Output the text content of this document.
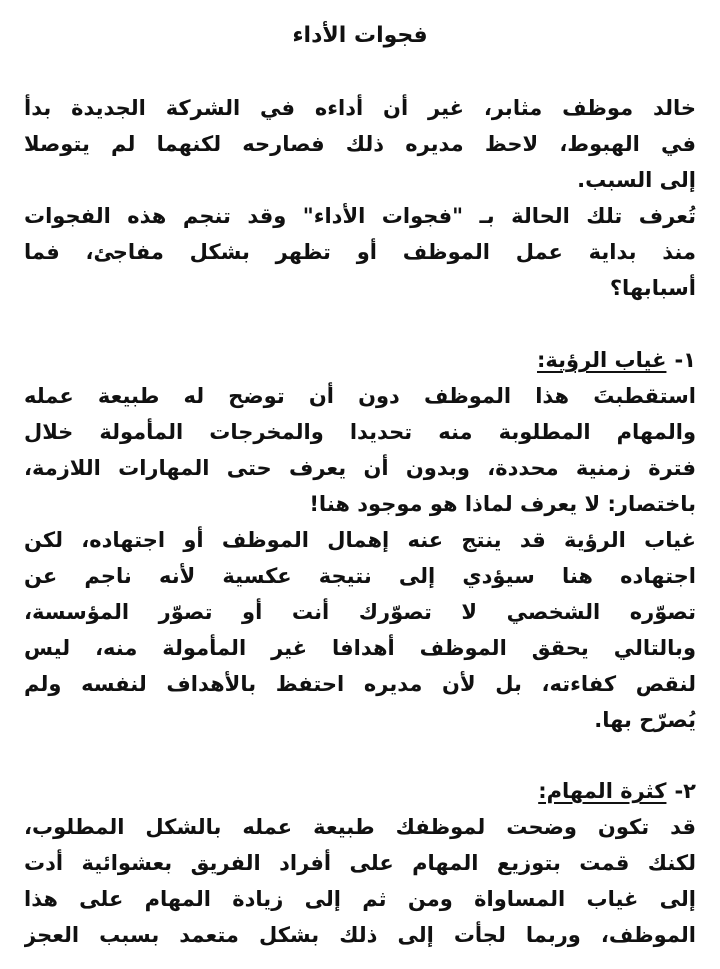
فجوات الأداء

خالد موظف مثابر، غير أن أداءه في الشركة الجديدة بدأ

في الهبوط، لاحظ مديره ذلك فصارحه لكنهما لم يتوصلا

إلى السبب.

تُعرف تلك الحالة بـ "فجوات الأداء" وقد تنجم هذه الفجوات

منذ بداية عمل الموظف أو تظهر بشكل مفاجئ، فما

أسبابها؟

١-غياب الرؤية:

استقطبتَ هذا الموظف دون أن توضح له طبيعة عمله

والمهام المطلوبة منه تحديدا والمخرجات المأمولة خلال

فترة زمنية محددة، وبدون أن يعرف حتى المهارات اللازمة،

باختصار: لا يعرف لماذا هو موجود هنا!

غياب الرؤية قد ينتج عنه إهمال الموظف أو اجتهاده، لكن

اجتهاده هنا سيؤدي إلى نتيجة عكسية لأنه ناجم عن

تصوّره الشخصي لا تصوّرك أنت أو تصوّر المؤسسة،

وبالتالي يحقق الموظف أهدافا غير المأمولة منه، ليس

لنقص كفاءته، بل لأن مديره احتفظ بالأهداف لنفسه ولم

يُصرّح بها.

٢-كثرة المهام:

قد تكون وضحت لموظفك طبيعة عمله بالشكل المطلوب،

لكنك قمت بتوزيع المهام على أفراد الفريق بعشوائية أدت

إلى غياب المساواة ومن ثم إلى زيادة المهام على هذا

الموظف، وربما لجأت إلى ذلك بشكل متعمد بسبب العجز
